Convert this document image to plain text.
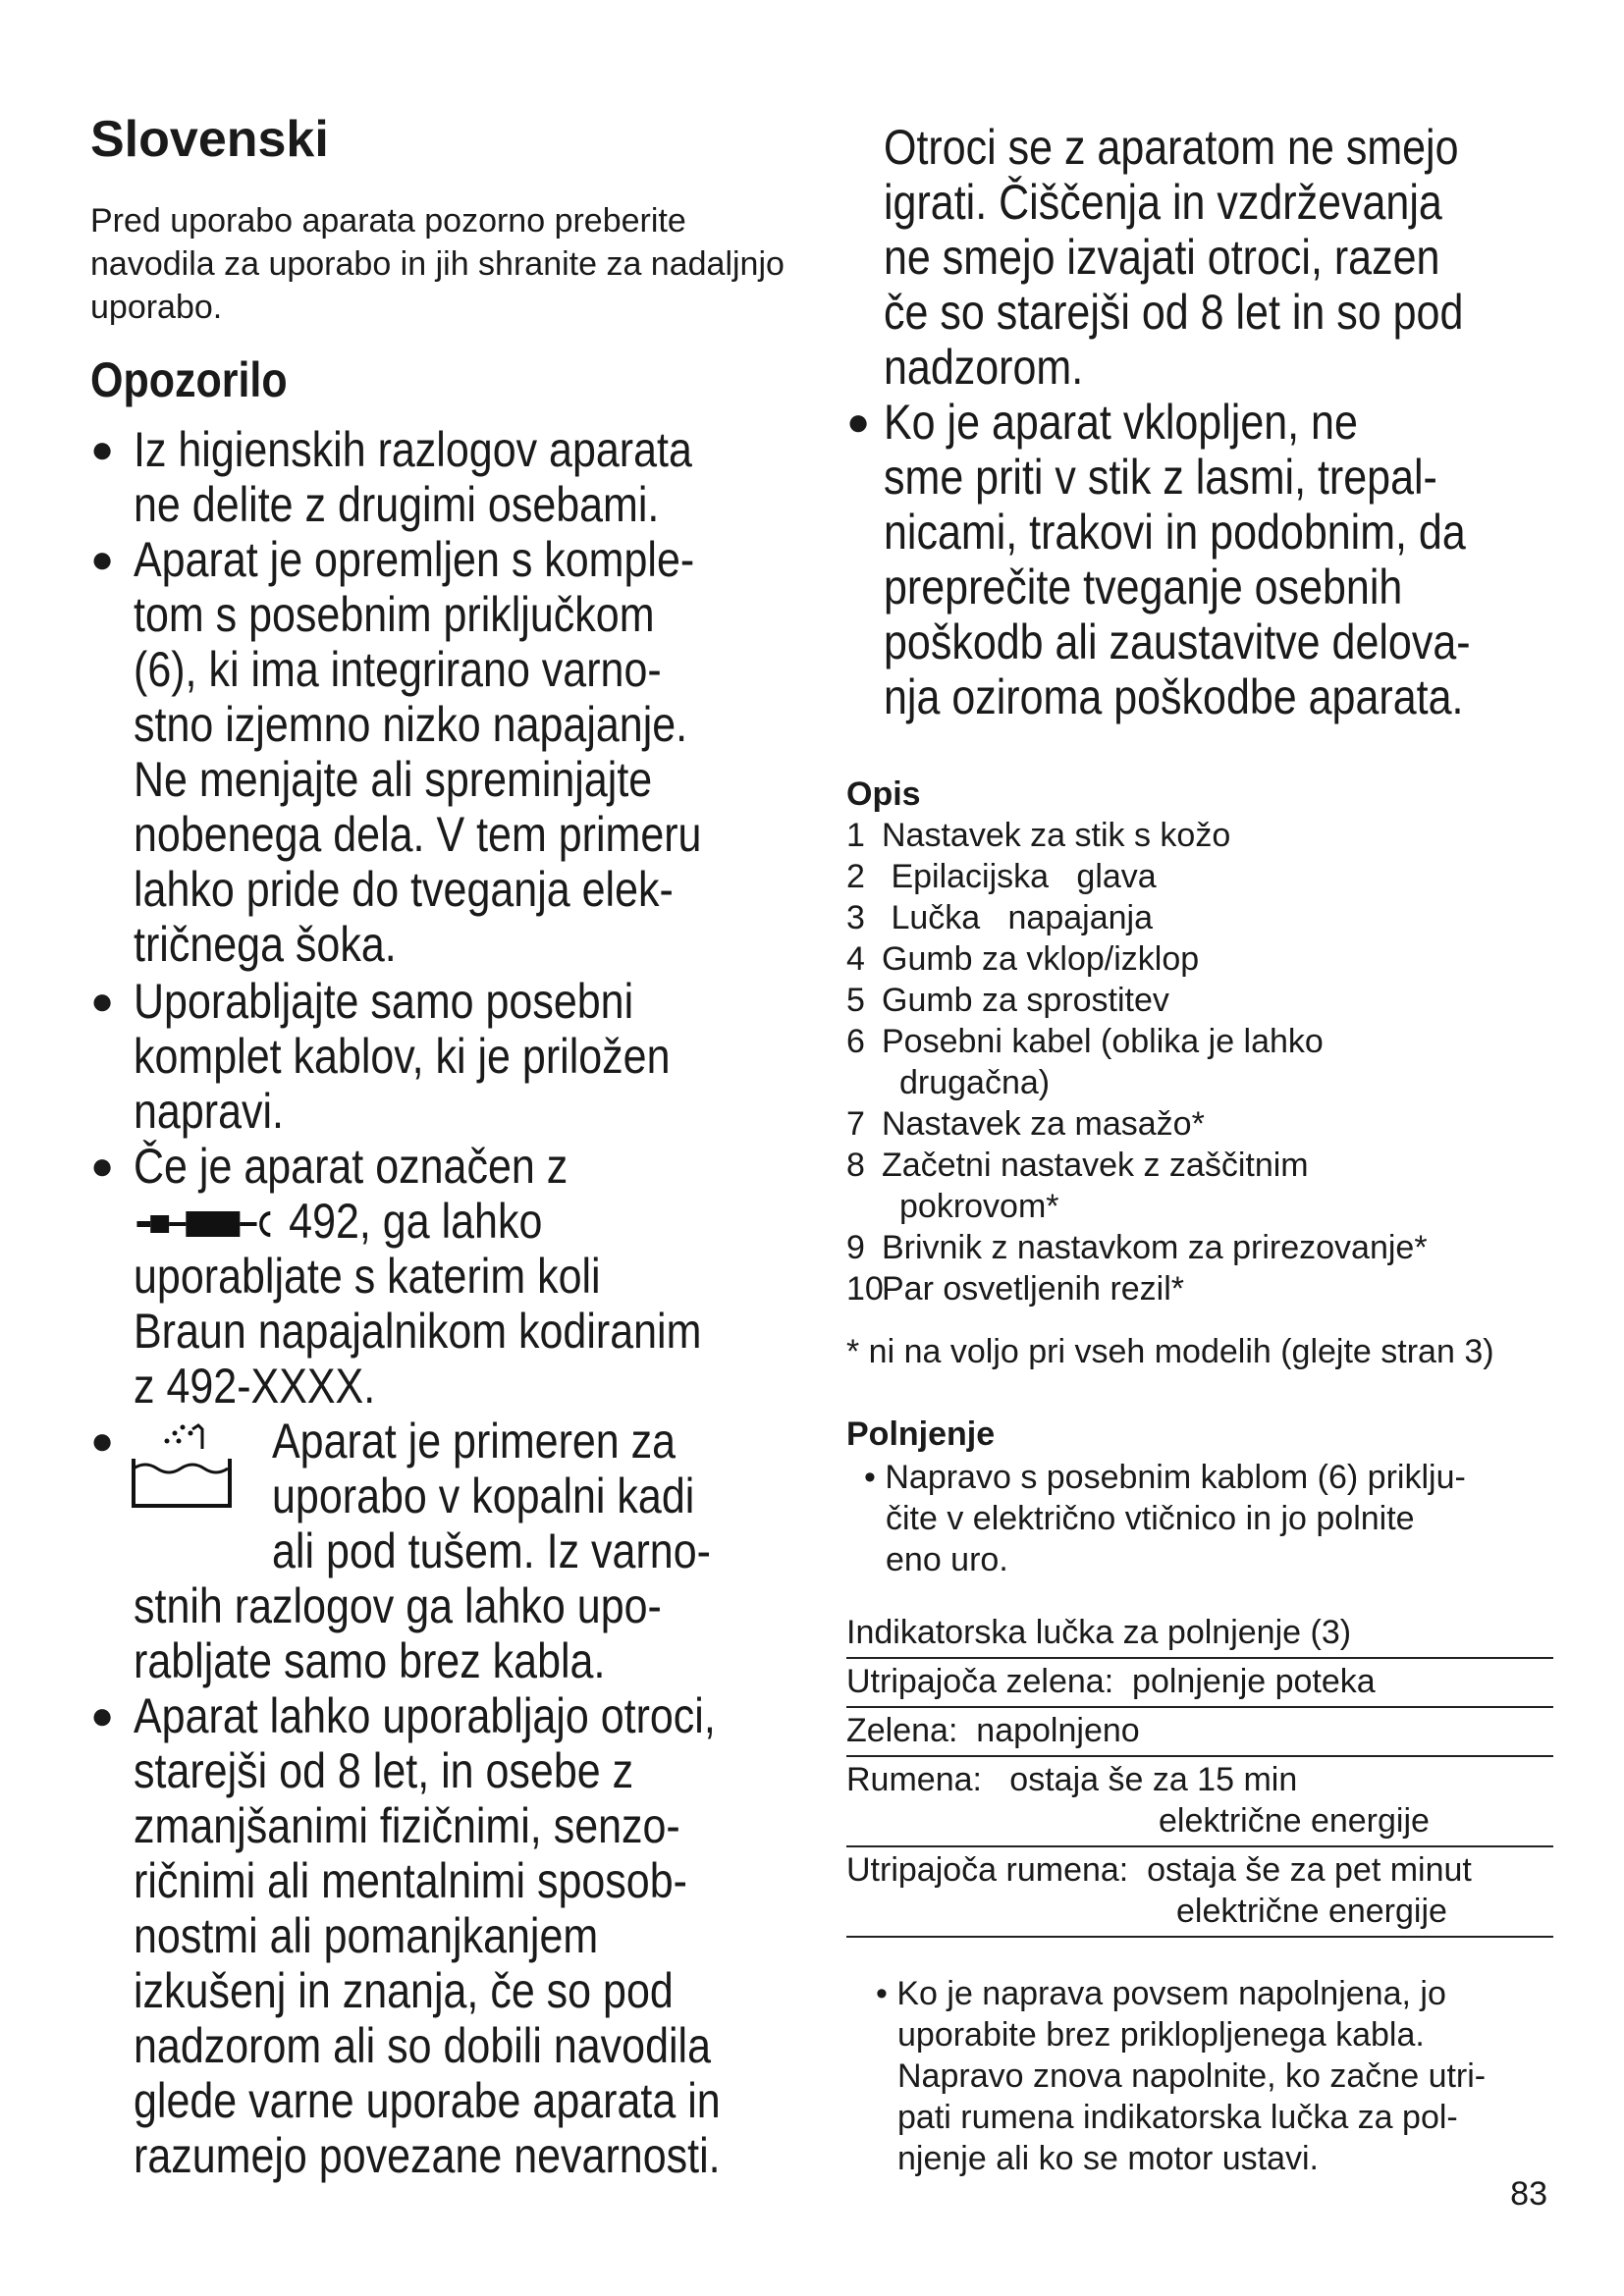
Slovenski

Pred uporabo aparata pozorno preberite navodila za uporabo in jih shranite za nadaljnjo uporabo.

Opozorilo
● Iz higienskih razlogov aparata
ne delite z drugimi osebami.
● Aparat je opremljen s komple-
tom s posebnim priključkom
(6), ki ima integrirano varno-
stno izjemno nizko napajanje.
Ne menjajte ali spreminjajte
nobenega dela. V tem primeru
lahko pride do tveganja elek-
tričnega šoka.
● Uporabljajte samo posebni
komplet kablov, ki je priložen
napravi.
● Če je aparat označen z
492, ga lahko
uporabljate s katerim koli
Braun napajalnikom kodiranim
z 492-XXXX.
●	Aparat je primeren za
uporabo v kopalni kadi
ali pod tušem. Iz varno-
stnih razlogov ga lahko upo-
rabljate samo brez kabla.
● Aparat lahko uporabljajo otroci,
starejši od 8 let, in osebe z
zmanjšanimi fizičnimi, senzo-
ričnimi ali mentalnimi sposob-
nostmi ali pomanjkanjem
izkušenj in znanja, če so pod
nadzorom ali so dobili navodila
glede varne uporabe aparata in
razumejo povezane nevarnosti.
Otroci se z aparatom ne smejo
igrati. Čiščenja in vzdrževanja
ne smejo izvajati otroci, razen
če so starejši od 8 let in so pod
nadzorom.
● Ko je aparat vklopljen, ne
sme priti v stik z lasmi, trepal-
nicami, trakovi in podobnim, da
preprečite tveganje osebnih
poškodb ali zaustavitve delova-
nja oziroma poškodbe aparata.
Opis
1 Nastavek za stik s kožo
2 Epilacijska   glava
3 Lučka   napajanja
4 Gumb za vklop/izklop
5 Gumb za sprostitev
6 Posebni kabel (oblika je lahko
drugačna)
7 Nastavek za masažo*
8 Začetni nastavek z zaščitnim
pokrovom*
9 Brivnik z nastavkom za prirezovanje*
10Par osvetljenih rezil*
* ni na voljo pri vseh modelih (glejte stran 3)
Polnjenje
• Napravo s posebnim kablom (6) priklju-
čite v električno vtičnico in jo polnite
eno uro.
Indikatorska lučka za polnjenje (3)
Utripajoča zelena:  polnjenje poteka
Zelena:  napolnjeno
Rumena:   ostaja še za 15 min
električne energije
Utripajoča rumena:  ostaja še za pet minut
električne energije
• Ko je naprava povsem napolnjena, jo
uporabite brez priklopljenega kabla.
Napravo znova napolnite, ko začne utri-
pati rumena indikatorska lučka za pol-
njenje ali ko se motor ustavi.
83
